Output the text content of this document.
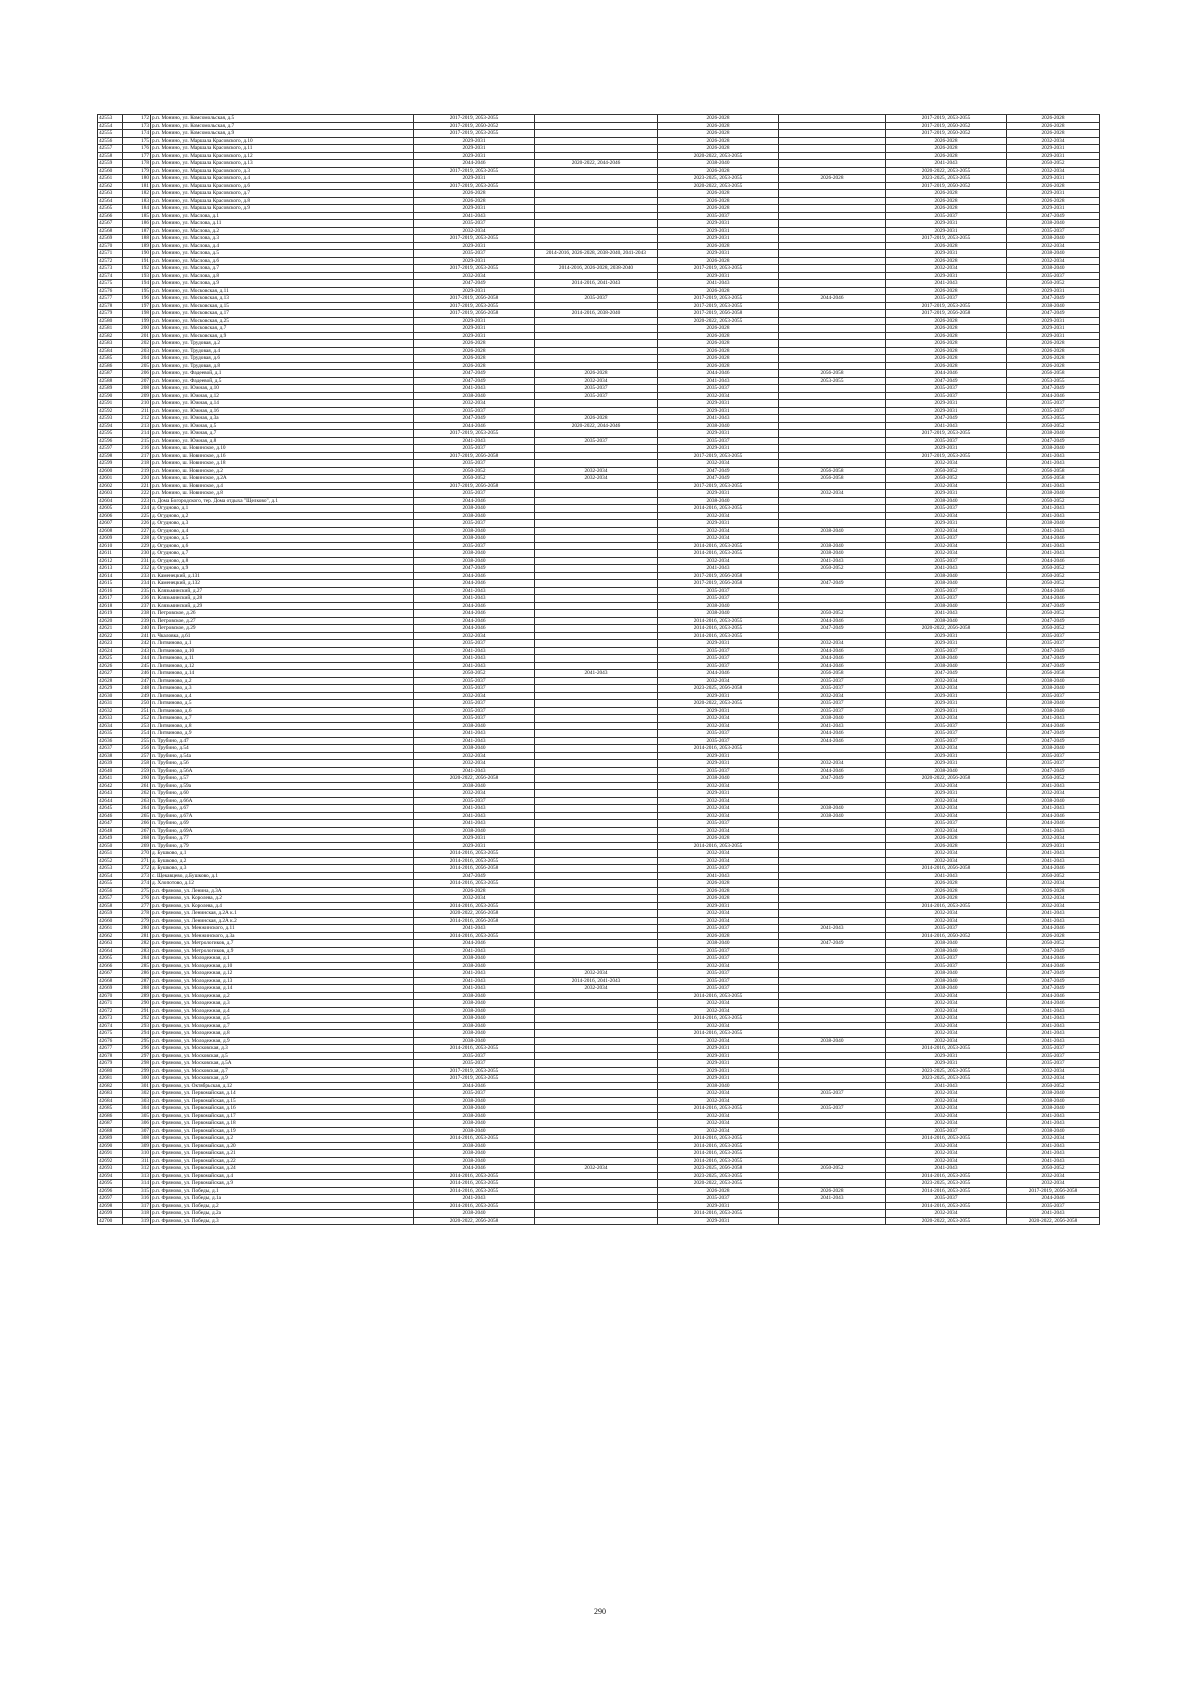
42553	172	р.п. Монино, ул. Комсомольская, д.5	2017-2019, 2053-2055		2026-2028		2017-2019, 2053-2055	2026-2028
42554	173	р.п. Монино, ул. Комсомольская, д.7	2017-2019, 2050-2052		2026-2028		2017-2019, 2050-2052	2026-2028
42555	174	р.п. Монино, ул. Комсомольская, д.9	2017-2019, 2053-2055		2026-2028		2017-2019, 2050-2052	2026-2028
42556	175	р.п. Монино, ул. Маршала Красовского, д.10	2029-2031		2026-2028		2026-2028	2032-2034
42557	176	р.п. Монино, ул. Маршала Красовского, д.11	2029-2031		2026-2028		2026-2028	2029-2031
42558	177	р.п. Монино, ул. Маршала Красовского, д.12	2029-2031		2020-2022, 2053-2055		2026-2028	2029-2031
42559	178	р.п. Монино, ул. Маршала Красовского, д.13	2044-2046	2020-2022, 2044-2046	2038-2040		2041-2043	2050-2052
42560	179	р.п. Монино, ул. Маршала Красовского, д.3	2017-2019, 2053-2055		2026-2028		2020-2022, 2053-2055	2032-2034
42561	180	р.п. Монино, ул. Маршала Красовского, д.4	2029-2031		2023-2025, 2053-2055	2026-2028	2023-2025, 2053-2055	2029-2031
42562	181	р.п. Монино, ул. Маршала Красовского, д.6	2017-2019, 2053-2055		2020-2022, 2053-2055		2017-2019, 2050-2052	2026-2028
42563	182	р.п. Монино, ул. Маршала Красовского, д.7	2026-2028		2026-2028		2026-2028	2029-2031
42564	183	р.п. Монино, ул. Маршала Красовского, д.8	2026-2028		2026-2028		2026-2028	2026-2028
42565	184	р.п. Монино, ул. Маршала Красовского, д.9	2029-2031		2026-2028		2026-2028	2029-2031
42566	185	р.п. Монино, ул. Маслова, д.1	2041-2043		2035-2037		2035-2037	2047-2049
42567	186	р.п. Монино, ул. Маслова, д.11	2035-2037		2029-2031		2029-2031	2038-2040
42568	187	р.п. Монино, ул. Маслова, д.2	2032-2034		2029-2031		2029-2031	2035-2037
42569	188	р.п. Монино, ул. Маслова, д.3	2017-2019, 2053-2055		2029-2031		2017-2019, 2053-2055	2038-2040
42570	189	р.п. Монино, ул. Маслова, д.4	2029-2031		2026-2028		2026-2028	2032-2034
42571	190	р.п. Монино, ул. Маслова, д.5	2035-2037	2014-2016, 2026-2028, 2038-2040, 2041-2043	2029-2031		2029-2031	2038-2040
42572	191	р.п. Монино, ул. Маслова, д.6	2029-2031		2026-2028		2026-2028	2032-2034
42573	192	р.п. Монино, ул. Маслова, д.7	2017-2019, 2053-2055	2014-2016, 2026-2028, 2038-2040	2017-2019, 2053-2055		2032-2034	2038-2040
42574	193	р.п. Монино, ул. Маслова, д.8	2032-2034		2029-2031		2029-2031	2035-2037
42575	194	р.п. Монино, ул. Маслова, д.9	2047-2049	2014-2016, 2041-2043	2041-2043		2041-2043	2050-2052
42576	195	р.п. Монино, ул. Московская, д.11	2029-2031		2026-2028		2026-2028	2029-2031
42577	196	р.п. Монино, ул. Московская, д.13	2017-2019, 2056-2058	2035-2037	2017-2019, 2053-2055	2044-2046	2035-2037	2047-2049
42578	197	р.п. Монино, ул. Московская, д.15	2017-2019, 2053-2055		2017-2019, 2053-2055		2017-2019, 2053-2055	2038-2040
42579	198	р.п. Монино, ул. Московская, д.17	2017-2019, 2056-2058	2014-2016, 2038-2040	2017-2019, 2056-2058		2017-2019, 2056-2058	2047-2049
42580	199	р.п. Монино, ул. Московская, д.25	2029-2031		2020-2022, 2053-2055		2026-2028	2029-2031
42581	200	р.п. Монино, ул. Московская, д.7	2029-2031		2026-2028		2026-2028	2029-2031
42582	201	р.п. Монино, ул. Московская, д.9	2029-2031		2026-2028		2026-2028	2029-2031
42583	202	р.п. Монино, ул. Трудовая, д.2	2026-2028		2026-2028		2026-2028	2026-2028
42584	203	р.п. Монино, ул. Трудовая, д.4	2026-2028		2026-2028		2026-2028	2026-2028
42585	204	р.п. Монино, ул. Трудовая, д.6	2026-2028		2026-2028		2026-2028	2026-2028
42586	205	р.п. Монино, ул. Трудовая, д.8	2026-2028		2026-2028		2026-2028	2026-2028
42587	206	р.п. Монино, ул. Фадеевой, д.1	2047-2049	2026-2028	2044-2046	2056-2058	2044-2046	2056-2058
42588	207	р.п. Монино, ул. Фадеевой, д.5	2047-2049	2032-2034	2041-2043	2053-2055	2047-2049	2053-2055
42589	208	р.п. Монино, ул. Южная, д.10	2041-2043	2035-2037	2035-2037		2035-2037	2047-2049
42590	209	р.п. Монино, ул. Южная, д.12	2038-2040	2035-2037	2032-2034		2035-2037	2044-2046
42591	210	р.п. Монино, ул. Южная, д.14	2032-2034		2029-2031		2029-2031	2035-2037
42592	211	р.п. Монино, ул. Южная, д.16	2035-2037		2029-2031		2029-2031	2035-2037
42593	212	р.п. Монино, ул. Южная, д.3а	2047-2049	2026-2028	2041-2043		2047-2049	2053-2055
42594	213	р.п. Монино, ул. Южная, д.5	2044-2046	2020-2022, 2044-2046	2038-2040		2041-2043	2050-2052
42595	214	р.п. Монино, ул. Южная, д.7	2017-2019, 2053-2055		2029-2031		2017-2019, 2053-2055	2038-2040
42596	215	р.п. Монино, ул. Южная, д.8	2041-2043	2035-2037	2035-2037		2035-2037	2047-2049
42597	216	р.п. Монино, ш. Новинское, д.10	2035-2037		2029-2031		2029-2031	2038-2040
42598	217	р.п. Монино, ш. Новинское, д.16	2017-2019, 2056-2058		2017-2019, 2053-2055		2017-2019, 2053-2055	2041-2043
42599	218	р.п. Монино, ш. Новинское, д.18	2035-2037		2032-2034		2032-2034	2041-2043
42600	219	р.п. Монино, ш. Новинское, д.2	2050-2052	2032-2034	2047-2049	2056-2058	2050-2052	2056-2058
42601	220	р.п. Монино, ш. Новинское, д.2А	2050-2052	2032-2034	2047-2049	2056-2058	2050-2052	2056-2058
42602	221	р.п. Монино, ш. Новинское, д.4	2017-2019, 2056-2058		2017-2019, 2053-2055		2032-2034	2041-2043
42603	222	р.п. Монино, ш. Новинское, д.8	2035-2037		2029-2031	2032-2034	2029-2031	2038-2040
42604	223	п. Дома Богородского, тер. Дома отдыха "Щелково", д.1	2044-2046		2038-2040		2038-2040	2050-2052
42605	224	д. Огудново, д.1	2038-2040		2014-2016, 2053-2055		2035-2037	2041-2043
42606	225	д. Огудново, д.2	2038-2040		2032-2034		2032-2034	2041-2043
42607	226	д. Огудново, д.3	2035-2037		2029-2031		2029-2031	2038-2040
42608	227	д. Огудново, д.4	2038-2040		2032-2034	2038-2040	2032-2034	2041-2043
42609	228	д. Огудново, д.5	2038-2040		2032-2034		2035-2037	2044-2046
42610	229	д. Огудново, д.6	2035-2037		2014-2016, 2053-2055	2038-2040	2032-2034	2041-2043
42611	230	д. Огудново, д.7	2038-2040		2014-2016, 2053-2055	2038-2040	2032-2034	2041-2043
42612	231	д. Огудново, д.8	2038-2040		2032-2034	2041-2043	2035-2037	2044-2046
42613	232	д. Огудново, д.9	2047-2049		2041-2043	2050-2052	2041-2043	2050-2052
42614	233	п. Каменецкий, д.131	2044-2046		2017-2019, 2056-2058		2038-2040	2050-2052
42615	234	п. Каменецкий, д.132	2044-2046		2017-2019, 2056-2058	2047-2049	2038-2040	2050-2052
42616	235	п. Клязьминский, д.27	2041-2043		2035-2037		2035-2037	2044-2046
42617	236	п. Клязьминский, д.28	2041-2043		2035-2037		2035-2037	2044-2046
42618	237	п. Клязьминский, д.29	2044-2046		2038-2040		2038-2040	2047-2049
42619	238	п. Петровское, д.26	2044-2046		2038-2040	2050-2052	2041-2043	2050-2052
42620	239	п. Петровское, д.27	2044-2046		2014-2016, 2053-2055	2044-2046	2038-2040	2047-2049
42621	240	п. Петровское, д.29	2044-2046		2014-2016, 2053-2055	2047-2049	2020-2022, 2056-2058	2050-2052
42622	241	п. Чкаловка, д.61	2032-2034		2014-2016, 2053-2055		2029-2031	2035-2037
42623	242	п. Литвиново, д.1	2035-2037		2029-2031	2032-2034	2029-2031	2035-2037
42624	243	п. Литвиново, д.10	2041-2043		2035-2037	2044-2046	2035-2037	2047-2049
42625	244	п. Литвиново, д.11	2041-2043		2035-2037	2044-2046	2038-2040	2047-2049
42626	245	п. Литвиново, д.12	2041-2043		2035-2037	2044-2046	2038-2040	2047-2049
42627	246	п. Литвиново, д.14	2050-2052	2041-2043	2044-2046	2056-2058	2047-2049	2056-2058
42628	247	п. Литвиново, д.2	2035-2037		2032-2034	2035-2037	2032-2034	2038-2040
42629	248	п. Литвиново, д.3	2035-2037		2023-2025, 2056-2058	2035-2037	2032-2034	2038-2040
42630	249	п. Литвиново, д.4	2032-2034		2029-2031	2032-2034	2029-2031	2035-2037
42631	250	п. Литвиново, д.5	2035-2037		2020-2022, 2053-2055	2035-2037	2029-2031	2038-2040
42632	251	п. Литвиново, д.6	2035-2037		2029-2031	2035-2037	2029-2031	2038-2040
42633	252	п. Литвиново, д.7	2035-2037		2032-2034	2038-2040	2032-2034	2041-2043
42634	253	п. Литвиново, д.8	2038-2040		2032-2034	2041-2043	2035-2037	2044-2046
42635	254	п. Литвиново, д.9	2041-2043		2035-2037	2044-2046	2035-2037	2047-2049
42636	255	п. Трубино, д.47	2041-2043		2035-2037	2044-2046	2035-2037	2047-2049
42637	256	п. Трубино, д.54	2038-2040		2014-2016, 2053-2055		2032-2034	2038-2040
42638	257	п. Трубино, д.54а	2032-2034		2029-2031		2029-2031	2035-2037
42639	258	п. Трубино, д.56	2032-2034		2029-2031	2032-2034	2029-2031	2035-2037
42640	259	п. Трубино, д.56А	2041-2043		2035-2037	2044-2046	2038-2040	2047-2049
42641	260	п. Трубино, д.57	2020-2022, 2056-2058		2038-2040	2047-2049	2020-2022, 2056-2058	2050-2052
42642	261	п. Трубино, д.59а	2038-2040		2032-2034		2032-2034	2041-2043
42643	262	п. Трубино, д.60	2032-2034		2029-2031		2029-2031	2032-2034
42644	263	п. Трубино, д.66А	2035-2037		2032-2034		2032-2034	2038-2040
42645	264	п. Трубино, д.67	2041-2043		2032-2034	2038-2040	2032-2034	2041-2043
42646	265	п. Трубино, д.67А	2041-2043		2032-2034	2038-2040	2032-2034	2044-2046
42647	266	п. Трубино, д.69	2041-2043		2035-2037		2035-2037	2044-2046
42648	267	п. Трубино, д.69А	2038-2040		2032-2034		2032-2034	2041-2043
42649	268	п. Трубино, д.77	2029-2031		2026-2028		2026-2028	2032-2034
42650	269	п. Трубино, д.79	2029-2031		2014-2016, 2053-2055		2026-2028	2029-2031
42651	270	д. Бушково, д.1	2014-2016, 2053-2055		2032-2034		2032-2034	2041-2043
42652	271	д. Бушково, д.2	2014-2016, 2053-2055		2032-2034		2032-2034	2041-2043
42653	272	д. Бушково, д.3	2014-2016, 2056-2058		2035-2037		2014-2016, 2056-2058	2044-2046
42654	273	с. Щекавцево, д.Бушково, д.1	2047-2049		2041-2043		2041-2043	2050-2052
42655	274	д. Хлопотово, д.12	2014-2016, 2053-2055		2026-2028		2026-2028	2032-2034
42656	275	р.п. Фряново, ул. Ленина, д.3А	2026-2028		2026-2028		2026-2028	2026-2028
42657	276	р.п. Фряново, ул. Королева, д.2	2032-2034		2026-2028		2026-2028	2032-2034
42658	277	р.п. Фряново, ул. Королева, д.4	2014-2016, 2053-2055		2029-2031		2014-2016, 2053-2055	2032-2034
42659	278	р.п. Фряново, ул. Ленинская, д.2А к.1	2020-2022, 2056-2058		2032-2034		2032-2034	2041-2043
42660	279	р.п. Фряново, ул. Ленинская, д.2А к.2	2014-2016, 2056-2058		2032-2034		2032-2034	2041-2043
42661	280	р.п. Фряново, ул. Менжинского, д.11	2041-2043		2035-2037	2041-2043	2035-2037	2044-2046
42662	281	р.п. Фряново, ул. Менжинского, д.3а	2014-2016, 2053-2055		2026-2028		2014-2016, 2050-2052	2026-2028
42663	282	р.п. Фряново, ул. Метрологиков, д.7	2044-2046		2038-2040	2047-2049	2038-2040	2050-2052
42664	283	р.п. Фряново, ул. Метрологиков, д.9	2041-2043		2035-2037		2038-2040	2047-2049
42665	284	р.п. Фряново, ул. Молодежная, д.1	2038-2040		2035-2037		2035-2037	2044-2046
42666	285	р.п. Фряново, ул. Молодежная, д.10	2038-2040		2032-2034		2035-2037	2044-2046
42667	286	р.п. Фряново, ул. Молодежная, д.12	2041-2043	2032-2034	2035-2037		2038-2040	2047-2049
42668	287	р.п. Фряново, ул. Молодежная, д.13	2041-2043	2014-2016, 2041-2043	2035-2037		2038-2040	2047-2049
42669	288	р.п. Фряново, ул. Молодежная, д.14	2041-2043	2032-2034	2035-2037		2038-2040	2047-2049
42670	289	р.п. Фряново, ул. Молодежная, д.2	2038-2040		2014-2016, 2053-2055		2032-2034	2044-2046
42671	290	р.п. Фряново, ул. Молодежная, д.3	2038-2040		2032-2034		2032-2034	2044-2046
42672	291	р.п. Фряново, ул. Молодежная, д.4	2038-2040		2032-2034		2032-2034	2041-2043
42673	292	р.п. Фряново, ул. Молодежная, д.5	2038-2040		2014-2016, 2053-2055		2032-2034	2041-2043
42674	293	р.п. Фряново, ул. Молодежная, д.7	2038-2040		2032-2034		2032-2034	2041-2043
42675	294	р.п. Фряново, ул. Молодежная, д.8	2038-2040		2014-2016, 2053-2055		2032-2034	2041-2043
42676	295	р.п. Фряново, ул. Молодежная, д.9	2038-2040		2032-2034	2038-2040	2032-2034	2041-2043
42677	296	р.п. Фряново, ул. Московская, д.3	2014-2016, 2053-2055		2029-2031		2014-2016, 2053-2055	2035-2037
42678	297	р.п. Фряново, ул. Московская, д.5	2035-2037		2029-2031		2029-2031	2035-2037
42679	298	р.п. Фряново, ул. Московская, д.5А	2035-2037		2029-2031		2029-2031	2035-2037
42680	299	р.п. Фряново, ул. Московская, д.7	2017-2019, 2053-2055		2029-2031		2023-2025, 2053-2055	2032-2034
42681	300	р.п. Фряново, ул. Московская, д.9	2017-2019, 2053-2055		2029-2031		2023-2025, 2053-2055	2032-2034
42682	301	р.п. Фряново, ул. Октябрьская, д.12	2044-2046		2038-2040		2041-2043	2050-2052
42683	302	р.п. Фряново, ул. Первомайская, д.14	2035-2037		2032-2034	2035-2037	2032-2034	2038-2040
42684	303	р.п. Фряново, ул. Первомайская, д.15	2038-2040		2032-2034		2032-2034	2038-2040
42685	304	р.п. Фряново, ул. Первомайская, д.16	2038-2040		2014-2016, 2053-2055	2035-2037	2032-2034	2038-2040
42686	305	р.п. Фряново, ул. Первомайская, д.17	2038-2040		2032-2034		2032-2034	2041-2043
42687	306	р.п. Фряново, ул. Первомайская, д.18	2038-2040		2032-2034		2032-2034	2041-2043
42688	307	р.п. Фряново, ул. Первомайская, д.19	2038-2040		2032-2034		2035-2037	2038-2040
42689	308	р.п. Фряново, ул. Первомайская, д.2	2014-2016, 2053-2055		2014-2016, 2053-2055		2014-2016, 2053-2055	2032-2034
42690	309	р.п. Фряново, ул. Первомайская, д.20	2038-2040		2014-2016, 2053-2055		2032-2034	2041-2043
42691	310	р.п. Фряново, ул. Первомайская, д.21	2038-2040		2014-2016, 2053-2055		2032-2034	2041-2043
42692	311	р.п. Фряново, ул. Первомайская, д.22	2038-2040		2014-2016, 2053-2055		2032-2034	2041-2043
42693	312	р.п. Фряново, ул. Первомайская, д.24	2044-2046	2032-2034	2023-2025, 2056-2058	2050-2052	2041-2043	2050-2052
42694	313	р.п. Фряново, ул. Первомайская, д.4	2014-2016, 2053-2055		2023-2025, 2053-2055		2014-2016, 2053-2055	2032-2034
42695	314	р.п. Фряново, ул. Первомайская, д.9	2014-2016, 2053-2055		2020-2022, 2053-2055		2023-2025, 2053-2055	2032-2034
42696	315	р.п. Фряново, ул. Победы, д.1	2014-2016, 2053-2055		2026-2028	2026-2028	2014-2016, 2053-2055	2017-2019, 2056-2058
42697	316	р.п. Фряново, ул. Победы, д.1а	2041-2043		2035-2037	2041-2043	2035-2037	2044-2046
42698	317	р.п. Фряново, ул. Победы, д.2	2014-2016, 2053-2055		2029-2031		2014-2016, 2053-2055	2035-2037
42699	318	р.п. Фряново, ул. Победы, д.2а	2038-2040		2014-2016, 2053-2055		2032-2034	2041-2043
42700	319	р.п. Фряново, ул. Победы, д.3	2020-2022, 2056-2058		2029-2031		2020-2022, 2053-2055	2020-2022, 2056-2058
290
